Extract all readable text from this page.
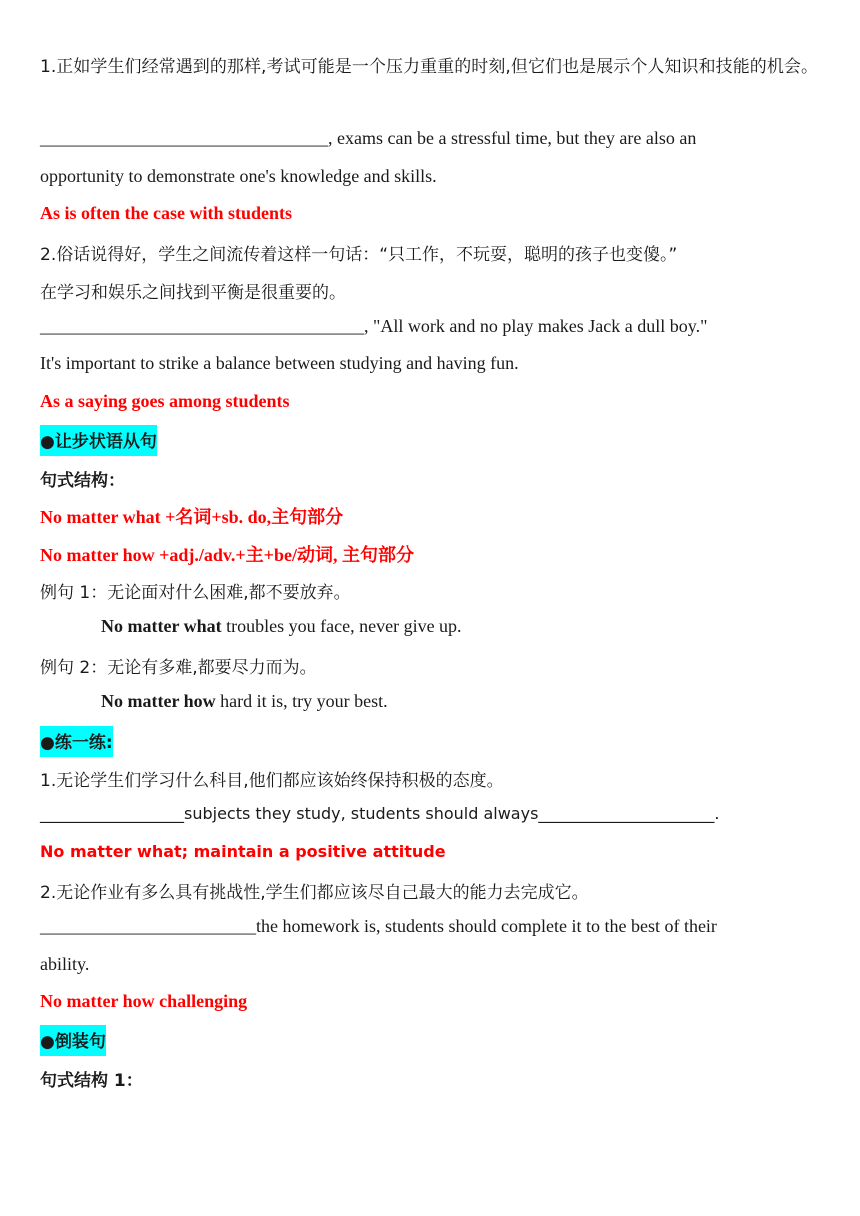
1.正如学生们经常遇到的那样,考试可能是一个压力重重的时刻,但它们也是展示个人知识和技能的机会。
________________________________, exams can be a stressful time, but they are also an
opportunity to demonstrate one's knowledge and skills.
As is often the case with students
2.俗话说得好，学生之间流传着这样一句话：“只工作，不玩耍，聪明的孩子也变傻。”
在学习和娱乐之间找到平衡是很重要的。
____________________________________, "All work and no play makes Jack a dull boy."
It's important to strike a balance between studying and having fun.
As a saying goes among students
●让步状语从句
句式结构：
No matter what +名词+sb. do,主句部分
No matter how +adj./adv.+主+be/动词, 主句部分
例句 1：无论面对什么困难,都不要放弃。
No matter what troubles you face, never give up.
例句 2：无论有多难,都要尽力而为。
No matter how hard it is, try your best.
●练一练:
1.无论学生们学习什么科目,他们都应该始终保持积极的态度。
__________________subjects they study, students should always______________________.
No matter what; maintain a positive attitude
2.无论作业有多么具有挑战性,学生们都应该尽自己最大的能力去完成它。
________________________the homework is, students should complete it to the best of their
ability.
No matter how challenging
●倒装句
句式结构 1：
